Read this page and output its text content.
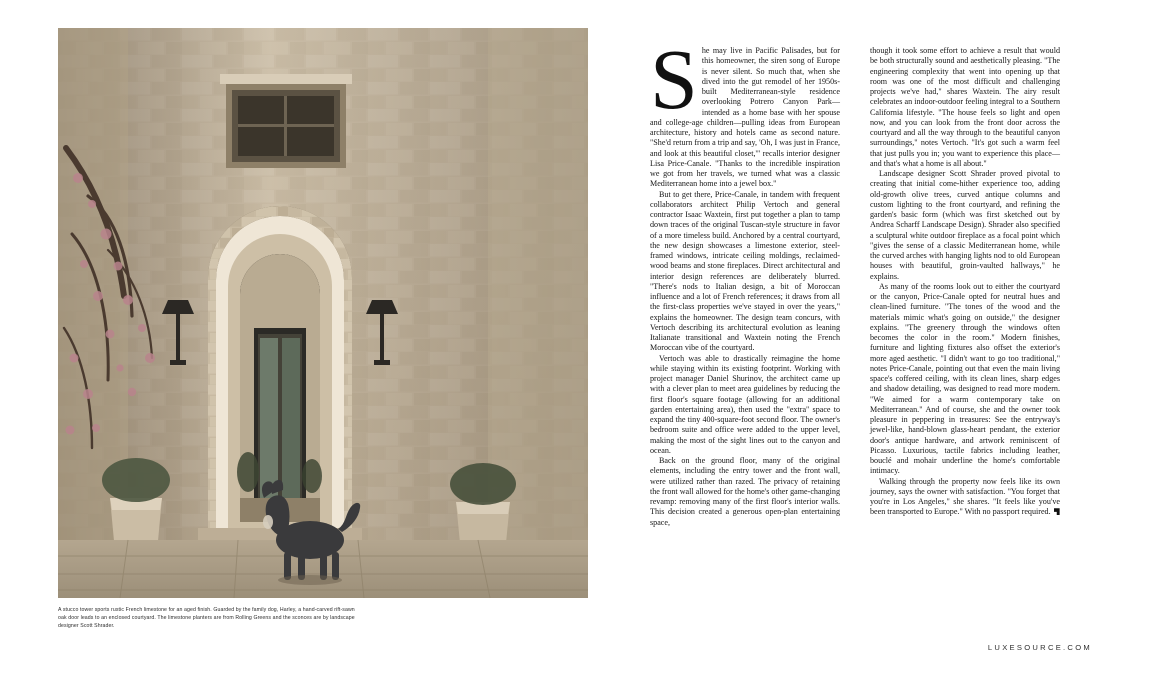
A stucco tower sports rustic French limestone for an aged finish. Guarded by the family dog, Harley, a hand-carved rift-sawn oak door leads to an enclosed courtyard. The limestone planters are from Rolling Greens and the sconces are by landscape designer Scott Shrader.
S he may live in Pacific Palisades, but for this homeowner, the siren song of Europe is never silent. So much that, when she dived into the gut remodel of her 1950s-built Mediterranean-style residence overlooking Potrero Canyon Park—intended as a home base with her spouse and college-age children—pulling ideas from European architecture, history and hotels came as second nature. "She'd return from a trip and say, 'Oh, I was just in France, and look at this beautiful closet,'" recalls interior designer Lisa Price-Canale. "Thanks to the incredible inspiration we got from her travels, we turned what was a classic Mediterranean home into a jewel box."

But to get there, Price-Canale, in tandem with frequent collaborators architect Philip Vertoch and general contractor Isaac Waxtein, first put together a plan to tamp down traces of the original Tuscan-style structure in favor of a more timeless build. Anchored by a central courtyard, the new design showcases a limestone exterior, steel-framed windows, intricate ceiling moldings, reclaimed-wood beams and stone fireplaces. Direct architectural and interior design references are deliberately blurred. "There's nods to Italian design, a bit of Moroccan influence and a lot of French references; it draws from all the first-class properties we've stayed in over the years," explains the homeowner. The design team concurs, with Vertoch describing its architectural evolution as leaning Italianate transitional and Waxtein noting the French Moroccan vibe of the courtyard.

Vertoch was able to drastically reimagine the home while staying within its existing footprint. Working with project manager Daniel Shurinov, the architect came up with a clever plan to meet area guidelines by reducing the first floor's square footage (allowing for an additional garden entertaining area), then used the "extra" space to expand the tiny 400-square-foot second floor. The owner's bedroom suite and office were added to the upper level, making the most of the sight lines out to the canyon and ocean.

Back on the ground floor, many of the original elements, including the entry tower and the front wall, were utilized rather than razed. The privacy of retaining the front wall allowed for the home's other game-changing revamp: removing many of the first floor's interior walls. This decision created a generous open-plan entertaining space,

though it took some effort to achieve a result that would be both structurally sound and aesthetically pleasing. "The engineering complexity that went into opening up that room was one of the most difficult and challenging projects we've had," shares Waxtein. The airy result celebrates an indoor-outdoor feeling integral to a Southern California lifestyle. "The house feels so light and open now, and you can look from the front door across the courtyard and all the way through to the beautiful canyon surroundings," notes Vertoch. "It's got such a warm feel that just pulls you in; you want to experience this place—and that's what a home is all about."

Landscape designer Scott Shrader proved pivotal to creating that initial come-hither experience too, adding old-growth olive trees, curved antique columns and custom lighting to the front courtyard, and refining the garden's basic form (which was first sketched out by Andrea Scharff Landscape Design). Shrader also specified a sculptural white outdoor fireplace as a focal point which "gives the sense of a classic Mediterranean home, while the curved arches with hanging lights nod to old European houses with beautiful, groin-vaulted hallways," he explains.

As many of the rooms look out to either the courtyard or the canyon, Price-Canale opted for neutral hues and clean-lined furniture. "The tones of the wood and the materials mimic what's going on outside," the designer explains. "The greenery through the windows often becomes the color in the room." Modern finishes, furniture and lighting fixtures also offset the exterior's more aged aesthetic. "I didn't want to go too traditional," notes Price-Canale, pointing out that even the main living space's coffered ceiling, with its clean lines, sharp edges and shadow detailing, was designed to read more modern. "We aimed for a warm contemporary take on Mediterranean." And of course, she and the owner took pleasure in peppering in treasures: See the entryway's jewel-like, hand-blown glass-heart pendant, the exterior door's antique hardware, and artwork reminiscent of Picasso. Luxurious, tactile fabrics including leather, bouclé and mohair underline the home's comfortable intimacy.

Walking through the property now feels like its own journey, says the owner with satisfaction. "You forget that you're in Los Angeles," she shares. "It feels like you've been transported to Europe." With no passport required.

LUXESOURCE.COM
